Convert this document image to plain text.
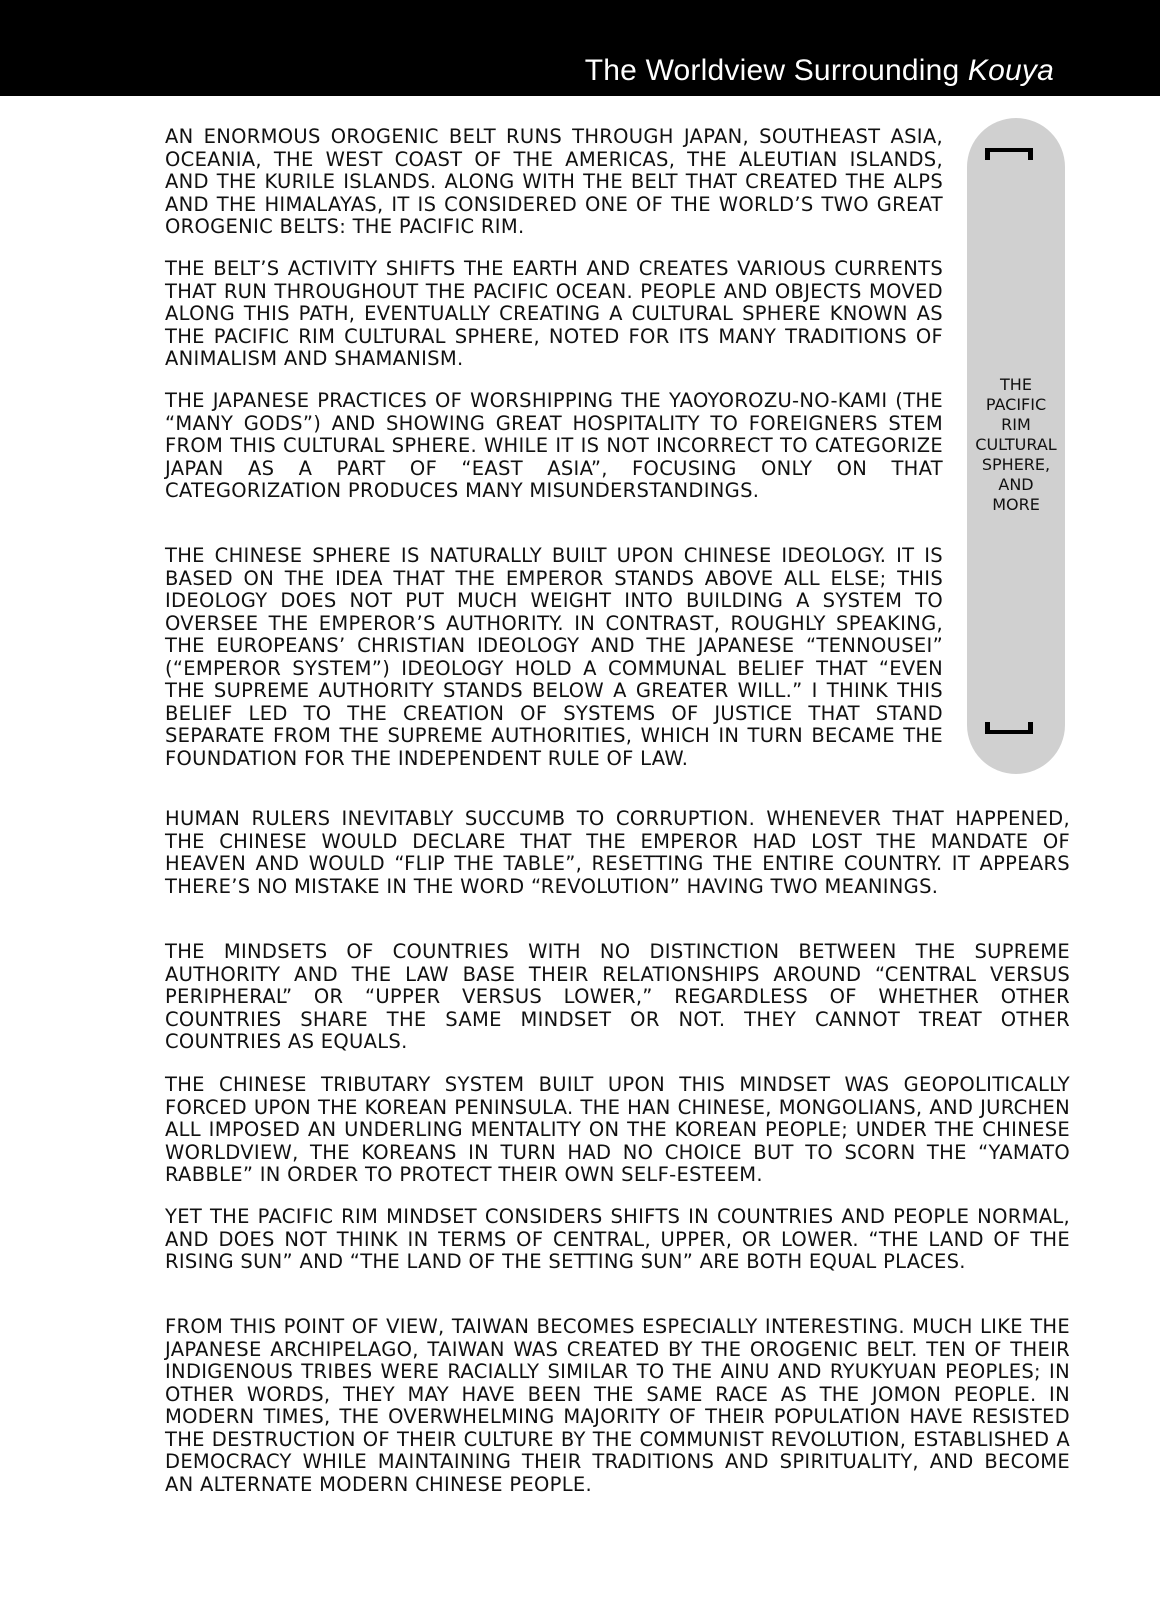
The Worldview Surrounding Kouya
THE
PACIFIC
RIM
CULTURAL
SPHERE,
AND
MORE

AN ENORMOUS OROGENIC BELT RUNS THROUGH JAPAN, SOUTHEAST ASIA, OCEANIA, THE WEST COAST OF THE AMERICAS, THE ALEUTIAN ISLANDS, AND THE KURILE ISLANDS. ALONG WITH THE BELT THAT CREATED THE ALPS AND THE HIMALAYAS, IT IS CONSIDERED ONE OF THE WORLD’S TWO GREAT OROGENIC BELTS: THE PACIFIC RIM.

THE BELT’S ACTIVITY SHIFTS THE EARTH AND CREATES VARIOUS CURRENTS THAT RUN THROUGHOUT THE PACIFIC OCEAN. PEOPLE AND OBJECTS MOVED ALONG THIS PATH, EVENTUALLY CREATING A CULTURAL SPHERE KNOWN AS THE PACIFIC RIM CULTURAL SPHERE, NOTED FOR ITS MANY TRADITIONS OF ANIMALISM AND SHAMANISM.

THE JAPANESE PRACTICES OF WORSHIPPING THE YAOYOROZU-NO-KAMI (THE “MANY GODS”) AND SHOWING GREAT HOSPITALITY TO FOREIGNERS STEM FROM THIS CULTURAL SPHERE. WHILE IT IS NOT INCORRECT TO CATEGORIZE JAPAN AS A PART OF “EAST ASIA”, FOCUSING ONLY ON THAT CATEGORIZATION PRODUCES MANY MISUNDERSTANDINGS.

THE CHINESE SPHERE IS NATURALLY BUILT UPON CHINESE IDEOLOGY. IT IS BASED ON THE IDEA THAT THE EMPEROR STANDS ABOVE ALL ELSE; THIS IDEOLOGY DOES NOT PUT MUCH WEIGHT INTO BUILDING A SYSTEM TO OVERSEE THE EMPEROR’S AUTHORITY. IN CONTRAST, ROUGHLY SPEAKING, THE EUROPEANS’ CHRISTIAN IDEOLOGY AND THE JAPANESE “TENNOUSEI” (“EMPEROR SYSTEM”) IDEOLOGY HOLD A COMMUNAL BELIEF THAT “EVEN THE SUPREME AUTHORITY STANDS BELOW A GREATER WILL.” I THINK THIS BELIEF LED TO THE CREATION OF SYSTEMS OF JUSTICE THAT STAND SEPARATE FROM THE SUPREME AUTHORITIES, WHICH IN TURN BECAME THE FOUNDATION FOR THE INDEPENDENT RULE OF LAW.

HUMAN RULERS INEVITABLY SUCCUMB TO CORRUPTION. WHENEVER THAT HAPPENED, THE CHINESE WOULD DECLARE THAT THE EMPEROR HAD LOST THE MANDATE OF HEAVEN AND WOULD “FLIP THE TABLE”, RESETTING THE ENTIRE COUNTRY. IT APPEARS THERE’S NO MISTAKE IN THE WORD “REVOLUTION” HAVING TWO MEANINGS.

THE MINDSETS OF COUNTRIES WITH NO DISTINCTION BETWEEN THE SUPREME AUTHORITY AND THE LAW BASE THEIR RELATIONSHIPS AROUND “CENTRAL VERSUS PERIPHERAL” OR “UPPER VERSUS LOWER,” REGARDLESS OF WHETHER OTHER COUNTRIES SHARE THE SAME MINDSET OR NOT. THEY CANNOT TREAT OTHER COUNTRIES AS EQUALS.

THE CHINESE TRIBUTARY SYSTEM BUILT UPON THIS MINDSET WAS GEOPOLITICALLY FORCED UPON THE KOREAN PENINSULA. THE HAN CHINESE, MONGOLIANS, AND JURCHEN ALL IMPOSED AN UNDERLING MENTALITY ON THE KOREAN PEOPLE; UNDER THE CHINESE WORLDVIEW, THE KOREANS IN TURN HAD NO CHOICE BUT TO SCORN THE “YAMATO RABBLE” IN ORDER TO PROTECT THEIR OWN SELF-ESTEEM.

YET THE PACIFIC RIM MINDSET CONSIDERS SHIFTS IN COUNTRIES AND PEOPLE NORMAL, AND DOES NOT THINK IN TERMS OF CENTRAL, UPPER, OR LOWER. “THE LAND OF THE RISING SUN” AND “THE LAND OF THE SETTING SUN” ARE BOTH EQUAL PLACES.

FROM THIS POINT OF VIEW, TAIWAN BECOMES ESPECIALLY INTERESTING. MUCH LIKE THE JAPANESE ARCHIPELAGO, TAIWAN WAS CREATED BY THE OROGENIC BELT. TEN OF THEIR INDIGENOUS TRIBES WERE RACIALLY SIMILAR TO THE AINU AND RYUKYUAN PEOPLES; IN OTHER WORDS, THEY MAY HAVE BEEN THE SAME RACE AS THE JOMON PEOPLE. IN MODERN TIMES, THE OVERWHELMING MAJORITY OF THEIR POPULATION HAVE RESISTED THE DESTRUCTION OF THEIR CULTURE BY THE COMMUNIST REVOLUTION, ESTABLISHED A DEMOCRACY WHILE MAINTAINING THEIR TRADITIONS AND SPIRITUALITY, AND BECOME AN ALTERNATE MODERN CHINESE PEOPLE.
